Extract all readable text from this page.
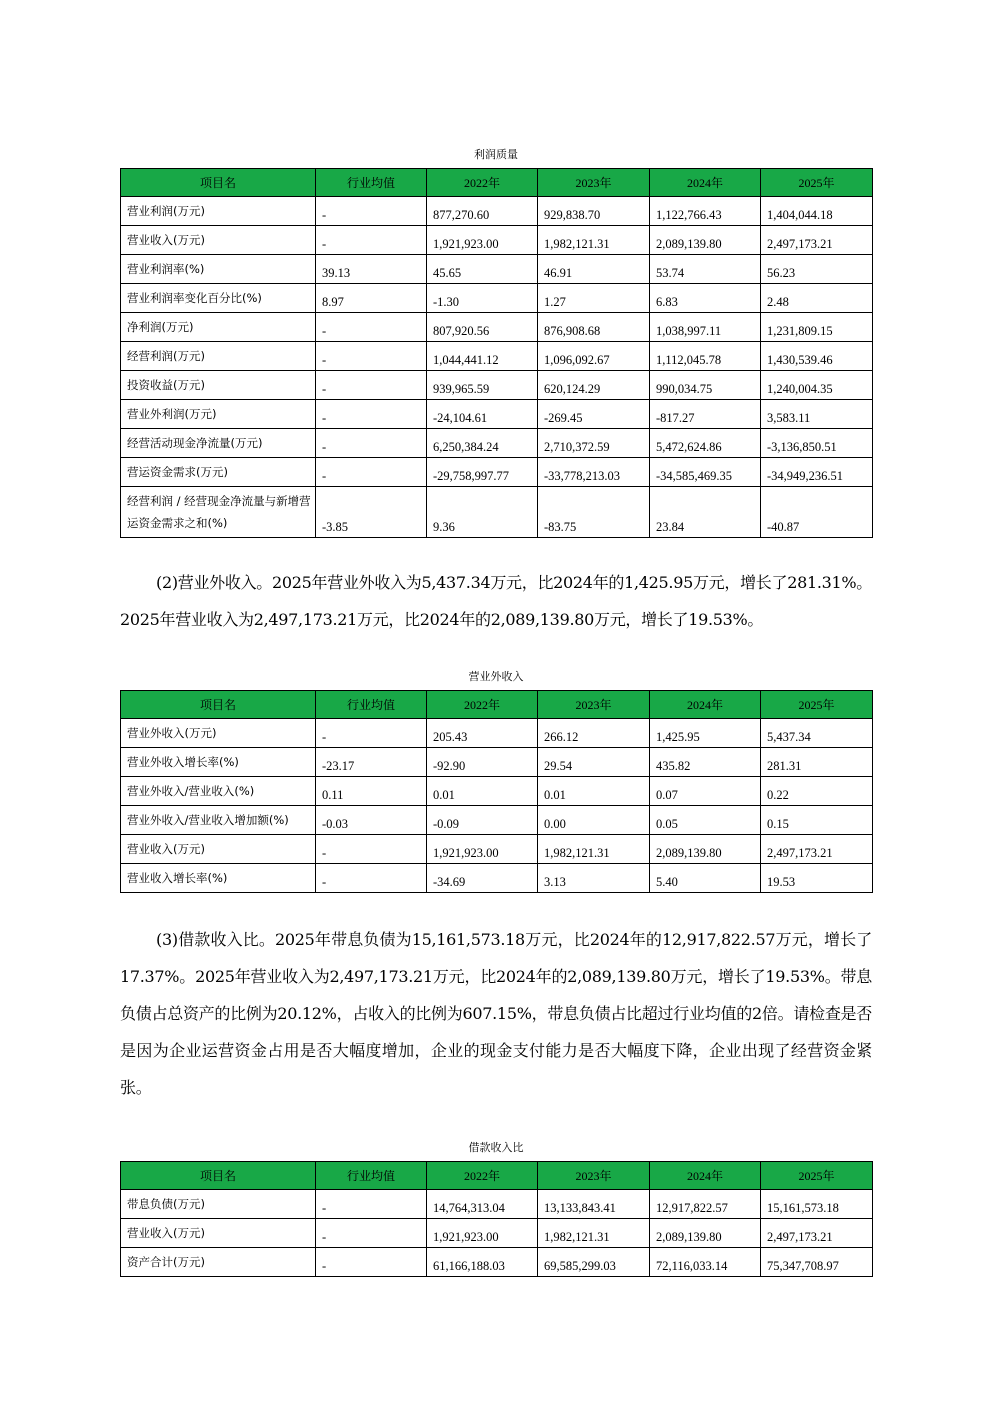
利润质量
项目名	行业均值	2022年	2023年	2024年	2025年
营业利润(万元)	-	877,270.60	929,838.70	1,122,766.43	1,404,044.18
营业收入(万元)	-	1,921,923.00	1,982,121.31	2,089,139.80	2,497,173.21
营业利润率(%)	39.13	45.65	46.91	53.74	56.23
营业利润率变化百分比(%)	8.97	-1.30	1.27	6.83	2.48
净利润(万元)	-	807,920.56	876,908.68	1,038,997.11	1,231,809.15
经营利润(万元)	-	1,044,441.12	1,096,092.67	1,112,045.78	1,430,539.46
投资收益(万元)	-	939,965.59	620,124.29	990,034.75	1,240,004.35
营业外利润(万元)	-	-24,104.61	-269.45	-817.27	3,583.11
经营活动现金净流量(万元)	-	6,250,384.24	2,710,372.59	5,472,624.86	-3,136,850.51
营运资金需求(万元)	-	-29,758,997.77	-33,778,213.03	-34,585,469.35	-34,949,236.51
经营利润 / 经营现金净流量与新增营运资金需求之和(%)	-3.85	9.36	-83.75	23.84	-40.87
(2)营业外收入。2025年营业外收入为5,437.34万元，比2024年的1,425.95万元，增长了281.31%。2025年营业收入为2,497,173.21万元，比2024年的2,089,139.80万元，增长了19.53%。
营业外收入
项目名	行业均值	2022年	2023年	2024年	2025年
营业外收入(万元)	-	205.43	266.12	1,425.95	5,437.34
营业外收入增长率(%)	-23.17	-92.90	29.54	435.82	281.31
营业外收入/营业收入(%)	0.11	0.01	0.01	0.07	0.22
营业外收入/营业收入增加额(%)	-0.03	-0.09	0.00	0.05	0.15
营业收入(万元)	-	1,921,923.00	1,982,121.31	2,089,139.80	2,497,173.21
营业收入增长率(%)	-	-34.69	3.13	5.40	19.53
(3)借款收入比。2025年带息负债为15,161,573.18万元，比2024年的12,917,822.57万元，增长了17.37%。2025年营业收入为2,497,173.21万元，比2024年的2,089,139.80万元，增长了19.53%。带息负债占总资产的比例为20.12%，占收入的比例为607.15%，带息负债占比超过行业均值的2倍。请检查是否是因为企业运营资金占用是否大幅度增加，企业的现金支付能力是否大幅度下降，企业出现了经营资金紧张。
借款收入比
项目名	行业均值	2022年	2023年	2024年	2025年
带息负债(万元)	-	14,764,313.04	13,133,843.41	12,917,822.57	15,161,573.18
营业收入(万元)	-	1,921,923.00	1,982,121.31	2,089,139.80	2,497,173.21
资产合计(万元)	-	61,166,188.03	69,585,299.03	72,116,033.14	75,347,708.97
